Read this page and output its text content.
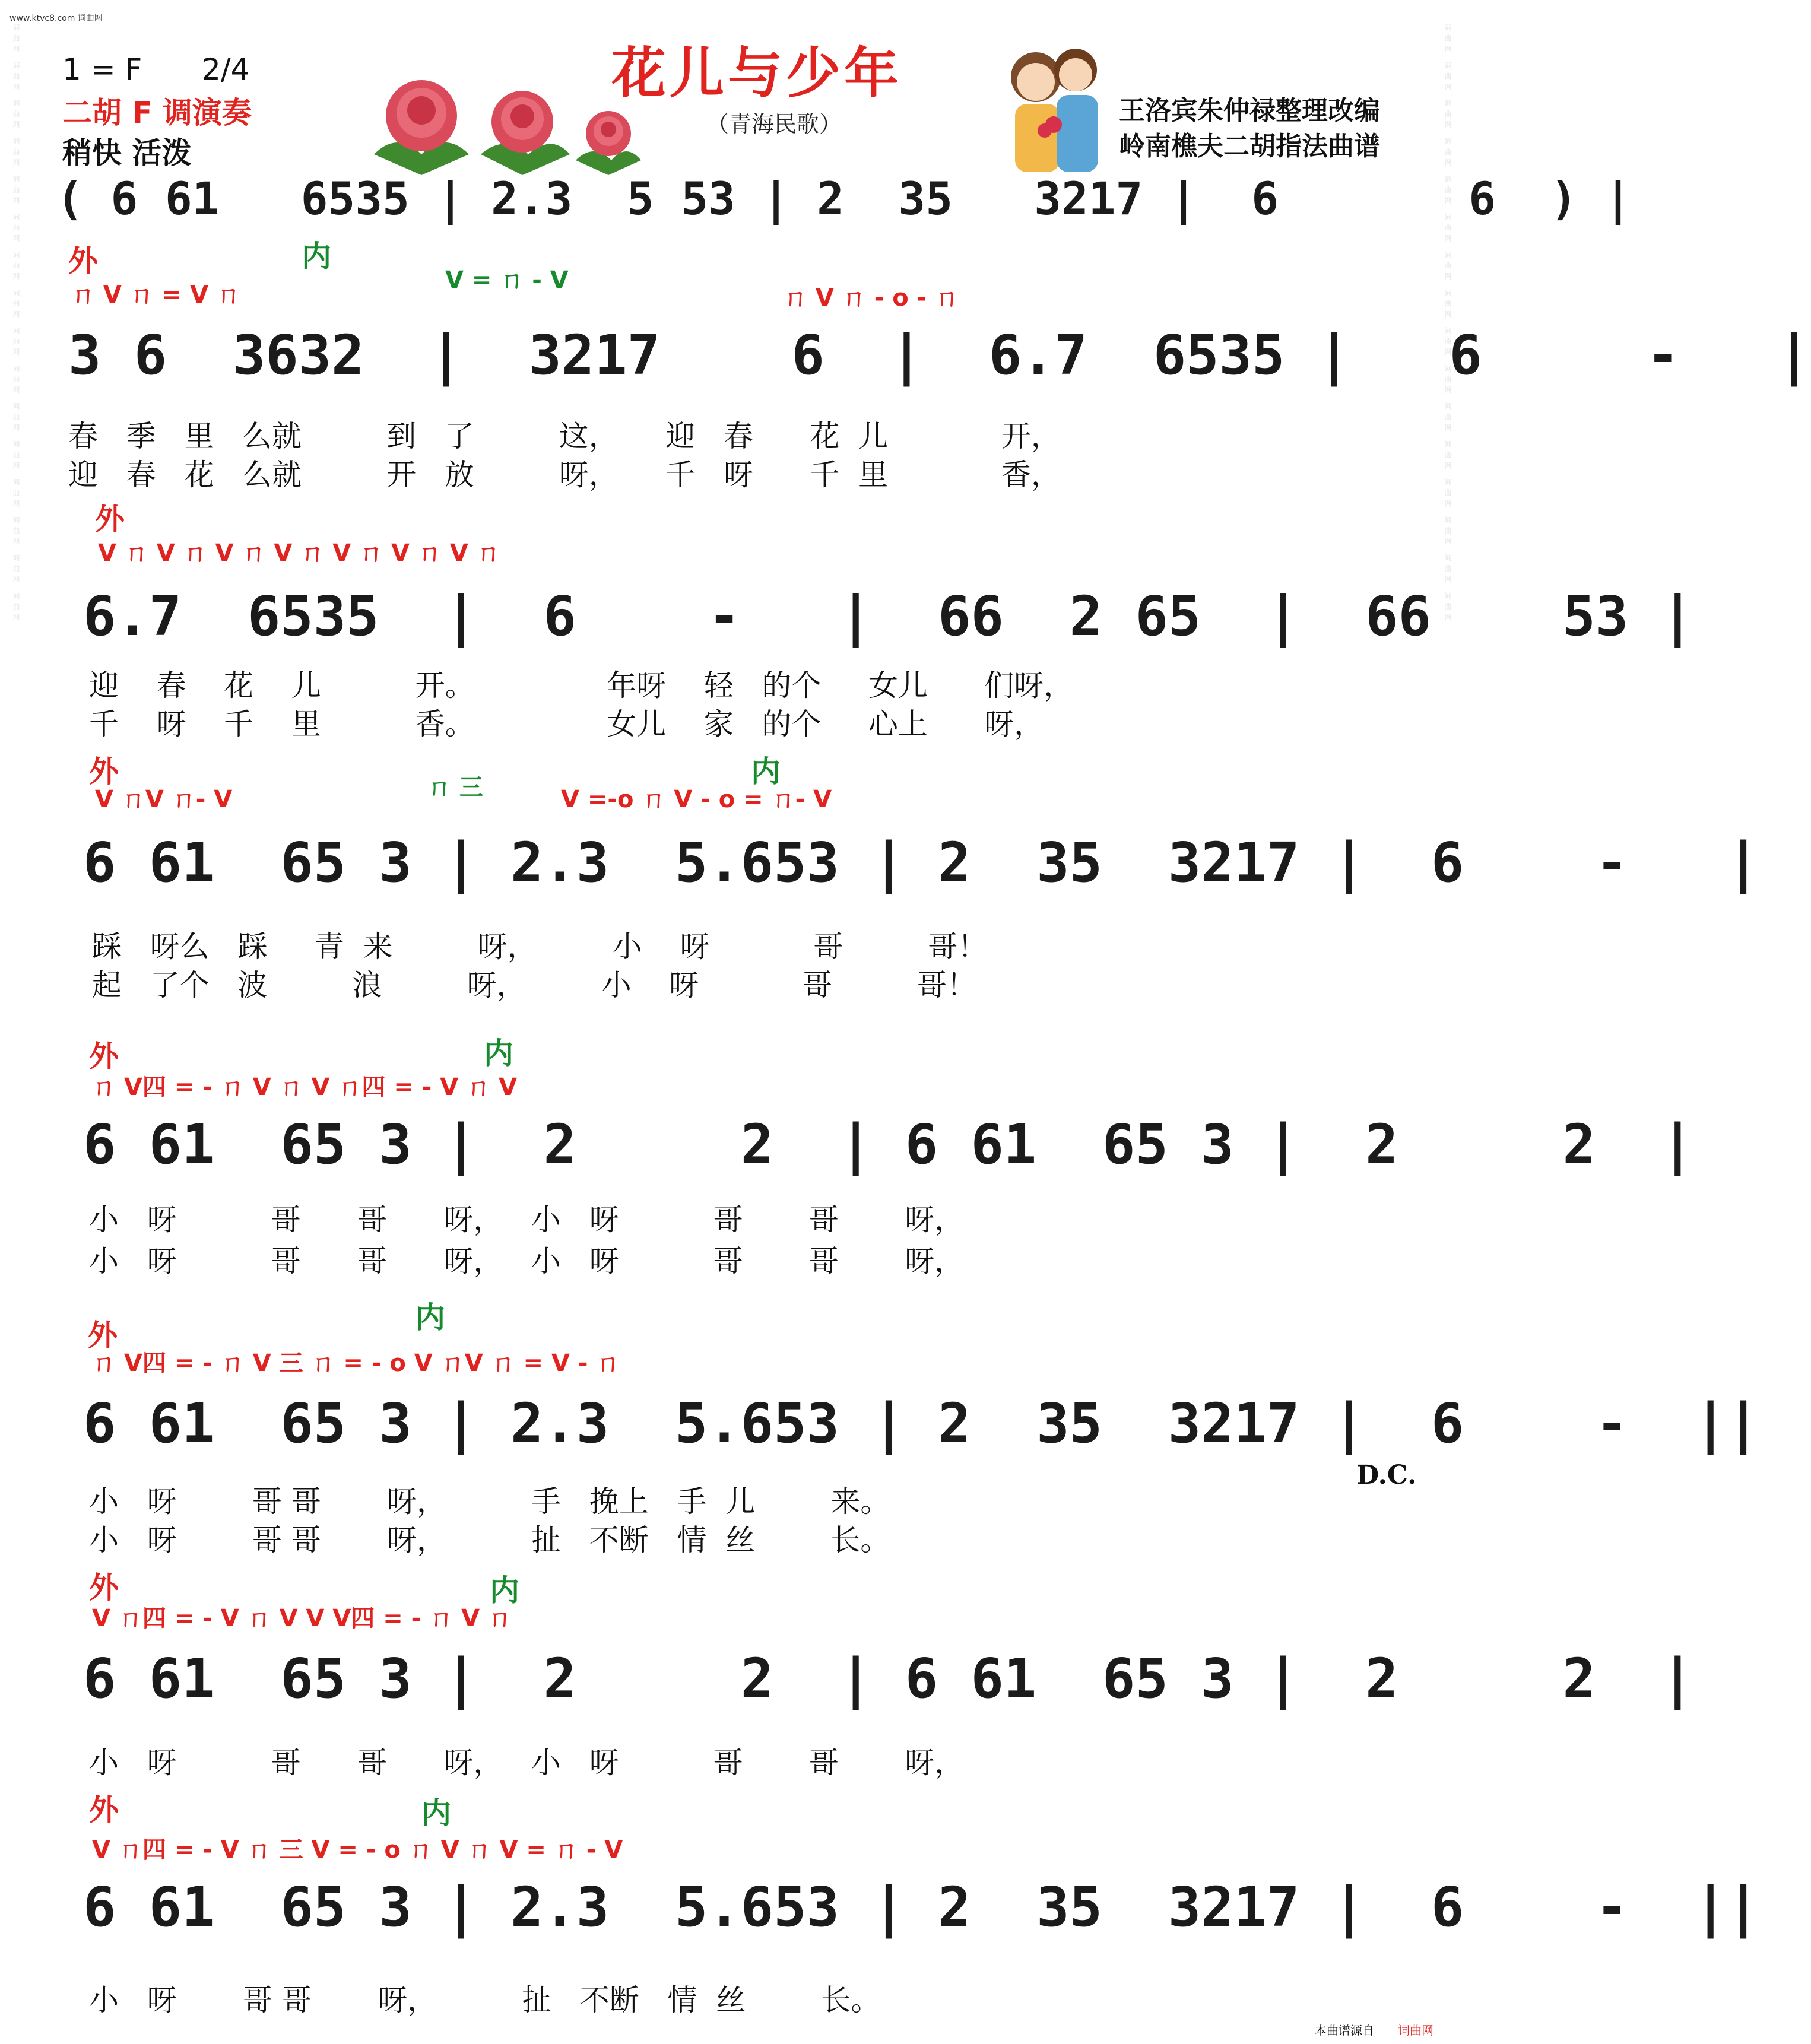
www.ktvc8.com 词曲网
词曲网 词曲网 词曲网 词曲网 词曲网 词曲网 词曲网 词曲网 词曲网 词曲网 词曲网 词曲网 词曲网 词曲网 词曲网 词曲网	词曲网 词曲网 词曲网 词曲网 词曲网 词曲网 词曲网 词曲网 词曲网 词曲网 词曲网 词曲网 词曲网 词曲网 词曲网 词曲网
1 = F 2/4
二胡 F 调演奏
稍快 活泼
花儿与少年
（青海民歌）	王洛宾朱仲禄整理改编
岭南樵夫二胡指法曲谱
( 6 61   6535 | 2.3  5 53 | 2  35   3217 |  6       6  ) |
外	内
ㄇ V ㄇ = V ㄇ
V = ㄇ - V
ㄇ V ㄇ - o - ㄇ
3 6  3632  |  3217    6  |  6.7  6535 |   6     -   |
春   季   里   么就         到   了         这，     迎   春      花  儿            开，
迎   春   花   么就         开   放         呀，     千   呀      千  里            香，
外
V ㄇ V ㄇ V ㄇ V ㄇ V ㄇ V ㄇ V ㄇ
6.7  6535  |  6    -   |  66  2 65  |  66    53 |
迎    春    花    儿          开。              年呀    轻   的个     女儿      们呀，
千    呀    千    里          香。              女儿    家   的个     心上      呀，
外	内
V ㄇV ㄇ- V	ㄇ 三	V =-o ㄇ V - o = ㄇ- V
6 61  65 3 | 2.3  5.653 | 2  35  3217 |  6    -   |
踩   呀么   踩     青  来         呀，        小    呀           哥         哥！
起   了个   波         浪         呀，        小    呀           哥         哥！
外	内
ㄇ V四 = - ㄇ V ㄇ V ㄇ四 = - V ㄇ V
6 61  65 3 |  2     2  | 6 61  65 3 |  2     2  |
小   呀          哥      哥      呀，   小   呀          哥       哥       呀，
小   呀          哥      哥      呀，   小   呀          哥       哥       呀，
外
内
ㄇ V四 = - ㄇ V 三 ㄇ = - o V ㄇV ㄇ = V - ㄇ
6 61  65 3 | 2.3  5.653 | 2  35  3217 |  6    -  ||
D.C.
小   呀        哥 哥       呀，         手   挽上   手  儿        来。
小   呀        哥 哥       呀，         扯   不断   情  丝        长。
外	内
V ㄇ四 = - V ㄇ V V V四 = - ㄇ V ㄇ
6 61  65 3 |  2     2  | 6 61  65 3 |  2     2  |
小   呀          哥      哥      呀，   小   呀          哥       哥       呀，
外	内
V ㄇ四 = - V ㄇ 三 V = - o ㄇ V ㄇ V = ㄇ - V
6 61  65 3 | 2.3  5.653 | 2  35  3217 |  6    -  ||
小   呀       哥 哥       呀，         扯   不断   情  丝        长。
本曲谱源自 词曲网
